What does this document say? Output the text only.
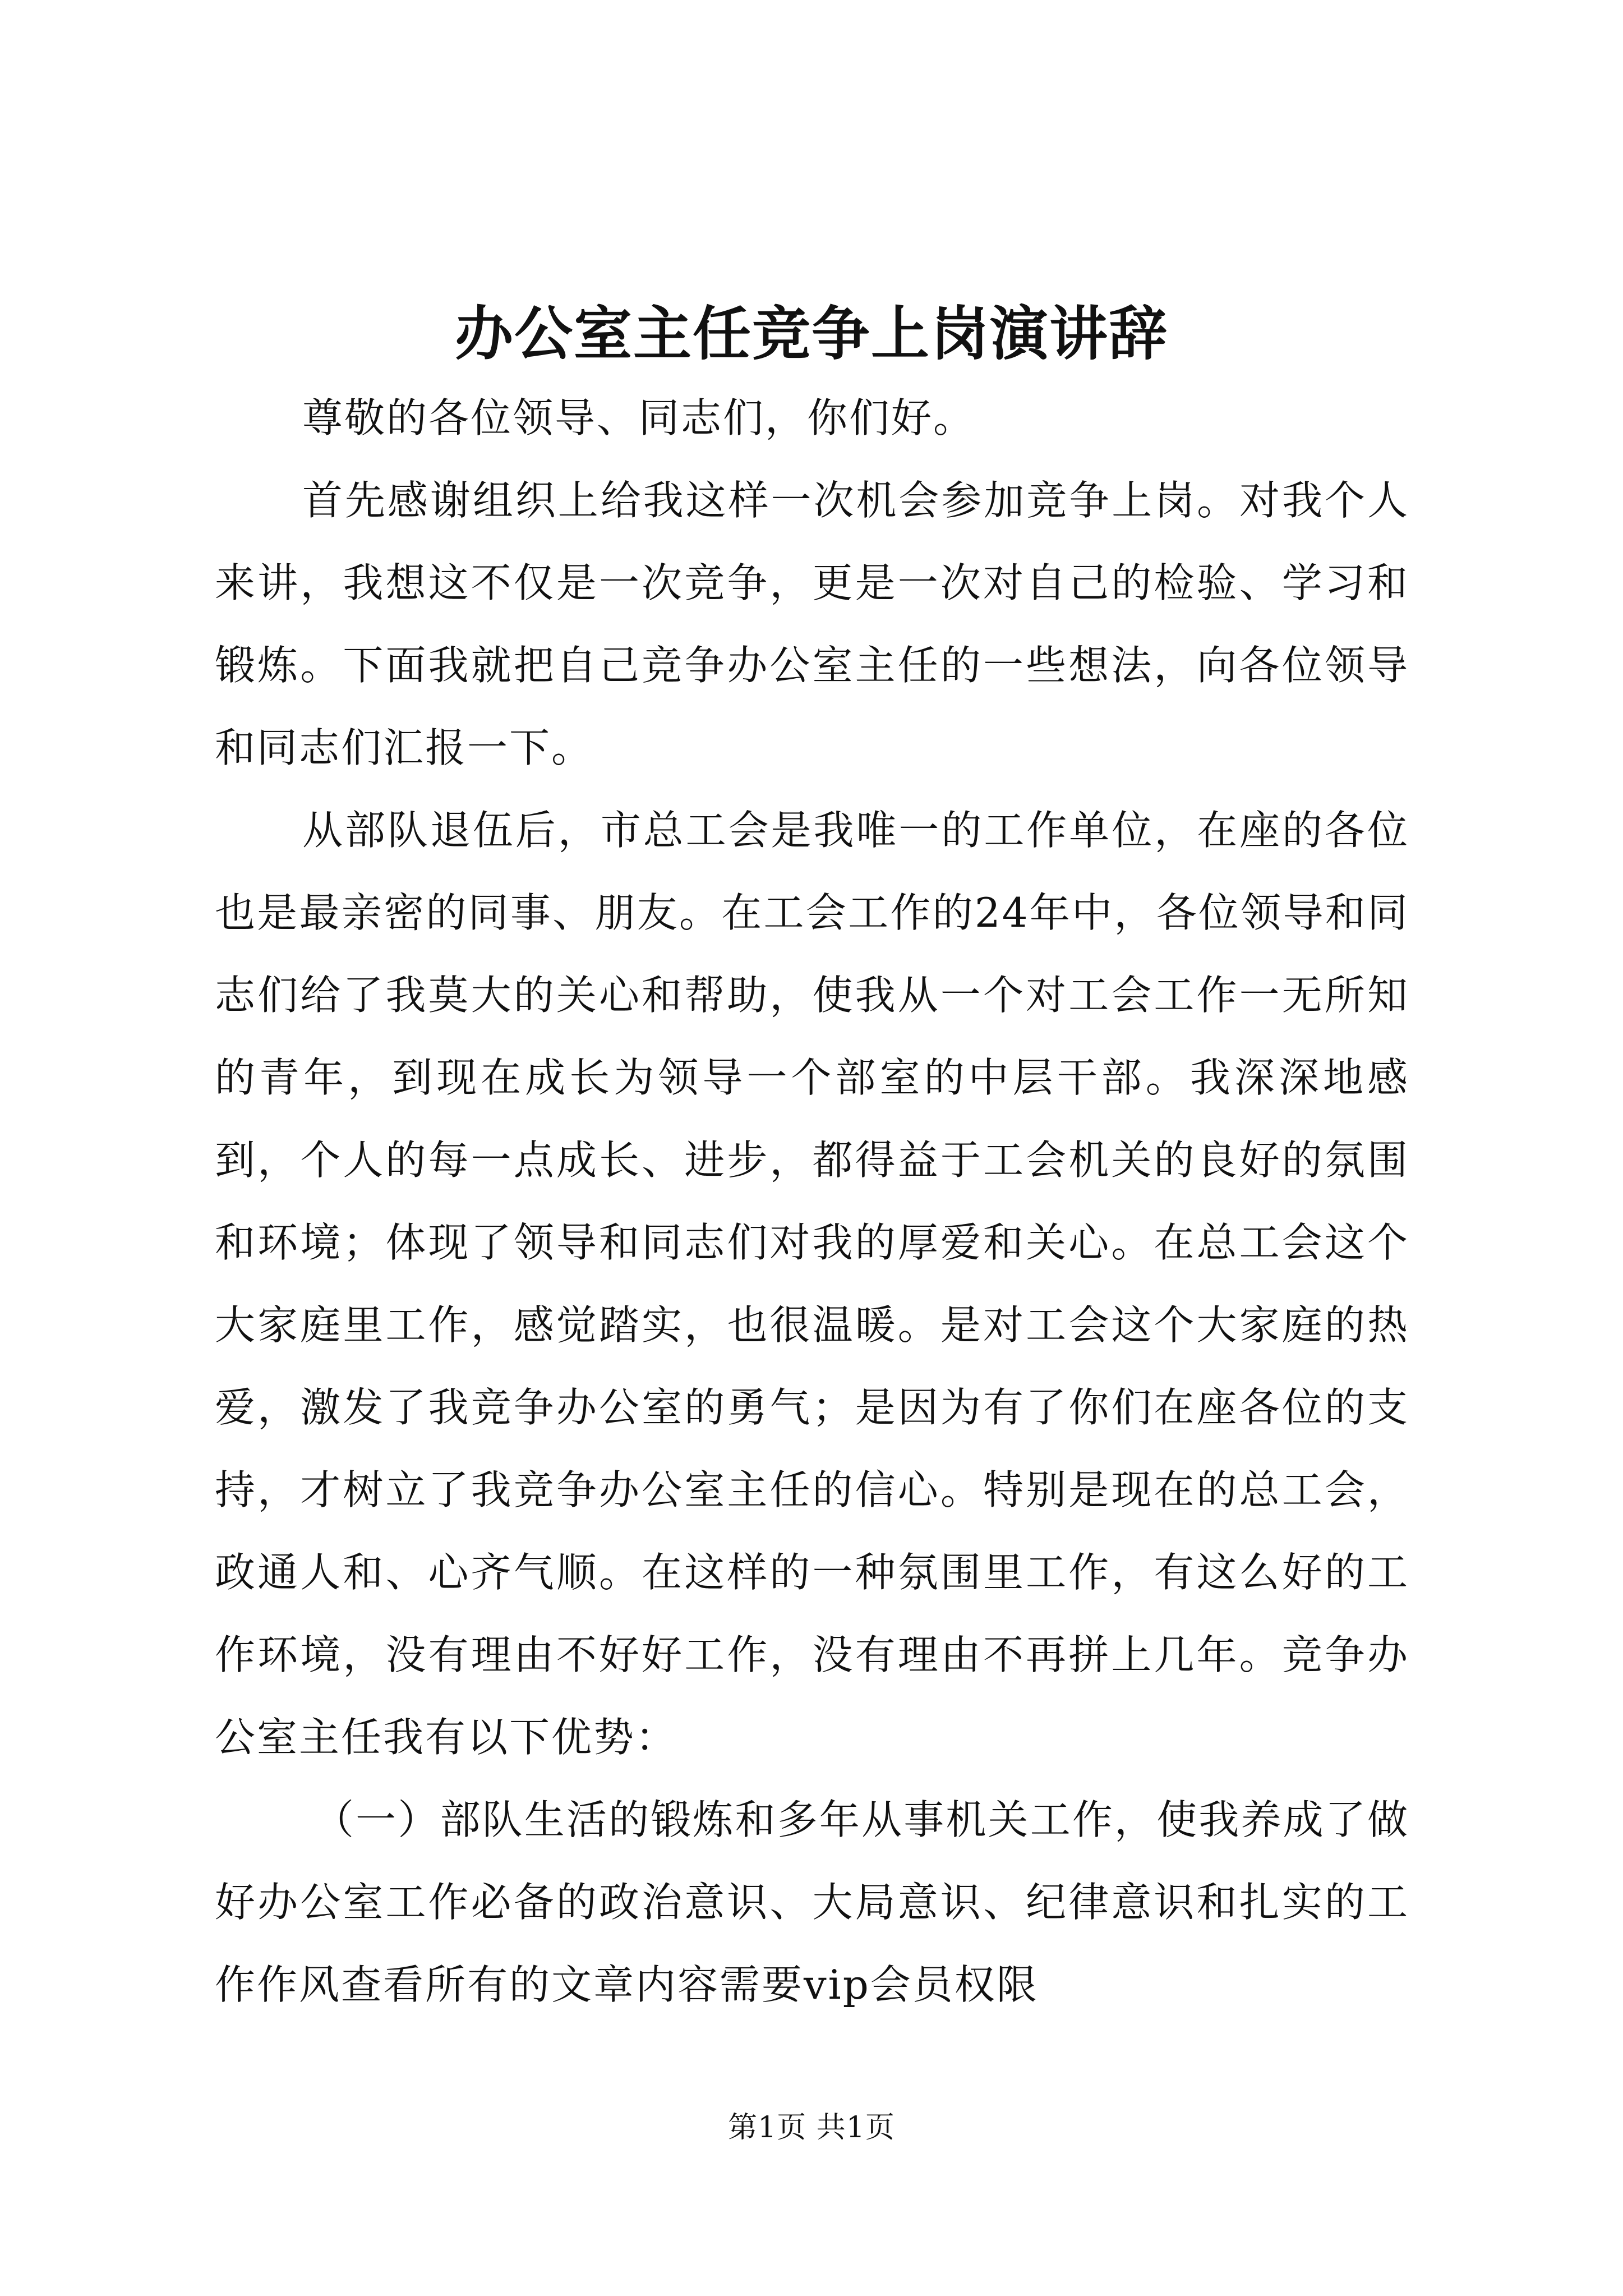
办公室主任竞争上岗演讲辞

尊敬的各位领导、同志们，你们好。

首先感谢组织上给我这样一次机会参加竞争上岗。对我个人来讲，我想这不仅是一次竞争，更是一次对自己的检验、学习和锻炼。下面我就把自己竞争办公室主任的一些想法，向各位领导和同志们汇报一下。

从部队退伍后，市总工会是我唯一的工作单位，在座的各位也是最亲密的同事、朋友。在工会工作的24年中，各位领导和同志们给了我莫大的关心和帮助，使我从一个对工会工作一无所知的青年，到现在成长为领导一个部室的中层干部。我深深地感到，个人的每一点成长、进步，都得益于工会机关的良好的氛围和环境；体现了领导和同志们对我的厚爱和关心。在总工会这个大家庭里工作，感觉踏实，也很温暖。是对工会这个大家庭的热爱，激发了我竞争办公室的勇气；是因为有了你们在座各位的支持，才树立了我竞争办公室主任的信心。特别是现在的总工会，政通人和、心齐气顺。在这样的一种氛围里工作，有这么好的工作环境，没有理由不好好工作，没有理由不再拼上几年。竞争办公室主任我有以下优势：

（一）部队生活的锻炼和多年从事机关工作，使我养成了做好办公室工作必备的政治意识、大局意识、纪律意识和扎实的工作作风查看所有的文章内容需要vip会员权限

第1页 共1页
